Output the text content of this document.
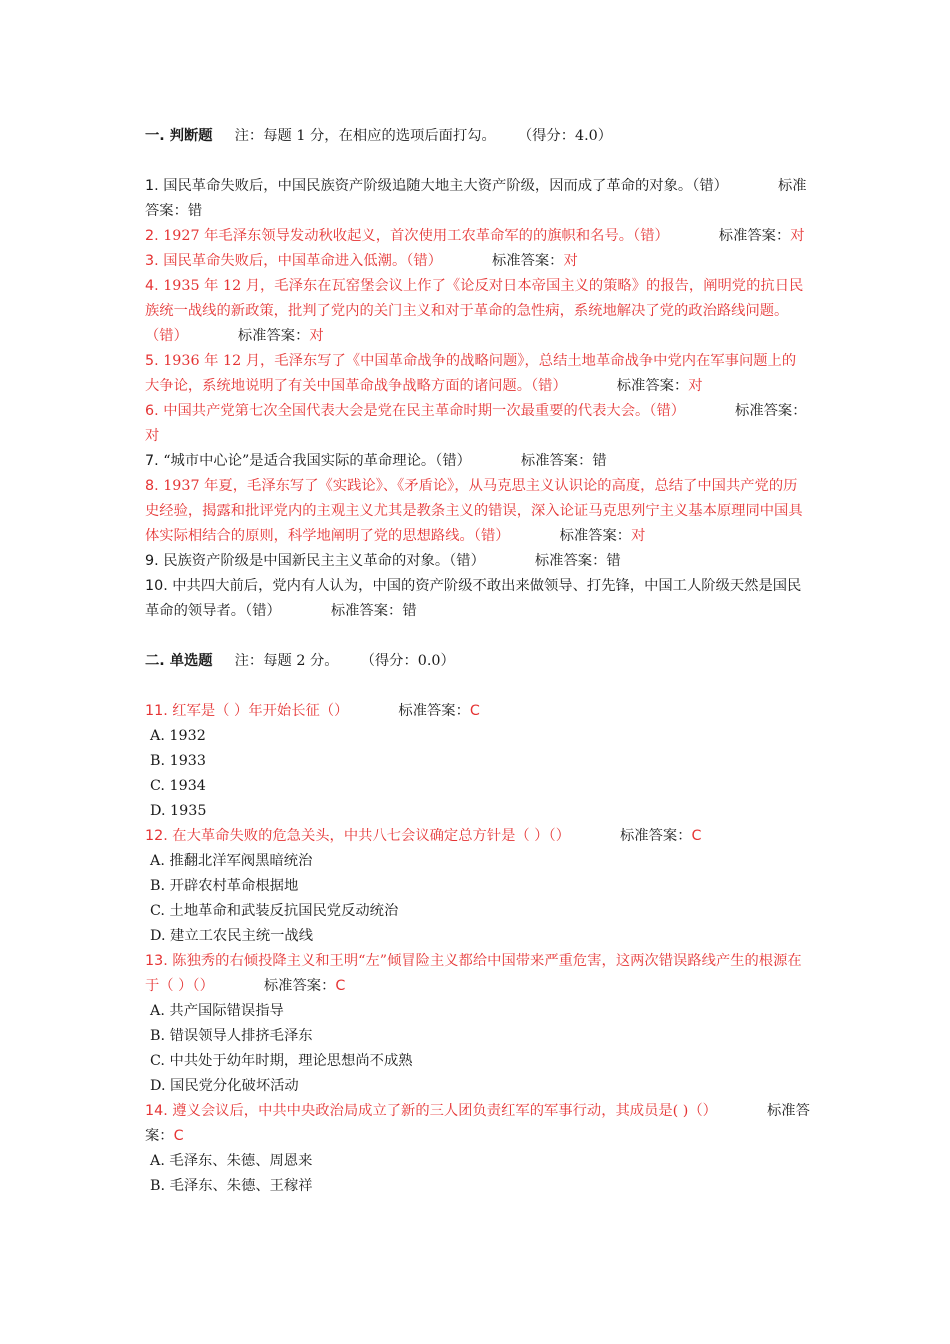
一. 判断题 注：每题 1 分，在相应的选项后面打勾。 （得分：4.0）
1. 国民革命失败后，中国民族资产阶级追随大地主大资产阶级，因而成了革命的对象。（错）	标准答案：错
2. 1927 年毛泽东领导发动秋收起义，首次使用工农革命军的的旗帜和名号。（错）	标准答案：对
3. 国民革命失败后，中国革命进入低潮。（错）	标准答案：对
4. 1935 年 12 月，毛泽东在瓦窑堡会议上作了《论反对日本帝国主义的策略》的报告，阐明党的抗日民族统一战线的新政策，批判了党内的关门主义和对于革命的急性病，系统地解决了党的政治路线问题。（错）	标准答案：对
5. 1936 年 12 月，毛泽东写了《中国革命战争的战略问题》，总结土地革命战争中党内在军事问题上的大争论，系统地说明了有关中国革命战争战略方面的诸问题。（错）	标准答案：对
6. 中国共产党第七次全国代表大会是党在民主革命时期一次最重要的代表大会。（错）	标准答案：对
7. “城市中心论”是适合我国实际的革命理论。（错）	标准答案：错
8. 1937 年夏，毛泽东写了《实践论》、《矛盾论》，从马克思主义认识论的高度，总结了中国共产党的历史经验，揭露和批评党内的主观主义尤其是教条主义的错误，深入论证马克思列宁主义基本原理同中国具体实际相结合的原则，科学地阐明了党的思想路线。（错）	标准答案：对
9. 民族资产阶级是中国新民主主义革命的对象。（错）	标准答案：错
10. 中共四大前后，党内有人认为，中国的资产阶级不敢出来做领导、打先锋，中国工人阶级天然是国民革命的领导者。（错）	标准答案：错
二. 单选题 注：每题 2 分。 （得分：0.0）
11. 红军是（ ）年开始长征（）	标准答案：C
A. 1932
B. 1933
C. 1934
D. 1935
12. 在大革命失败的危急关头，中共八七会议确定总方针是（ ）（）	标准答案：C
A. 推翻北洋军阀黑暗统治
B. 开辟农村革命根据地
C. 土地革命和武装反抗国民党反动统治
D. 建立工农民主统一战线
13. 陈独秀的右倾投降主义和王明“左”倾冒险主义都给中国带来严重危害，这两次错误路线产生的根源在于（ ）（）	标准答案：C
A. 共产国际错误指导
B. 错误领导人排挤毛泽东
C. 中共处于幼年时期，理论思想尚不成熟
D. 国民党分化破坏活动
14. 遵义会议后，中共中央政治局成立了新的三人团负责红军的军事行动，其成员是( )（）	标准答案：C
A. 毛泽东、朱德、周恩来
B. 毛泽东、朱德、王稼祥
